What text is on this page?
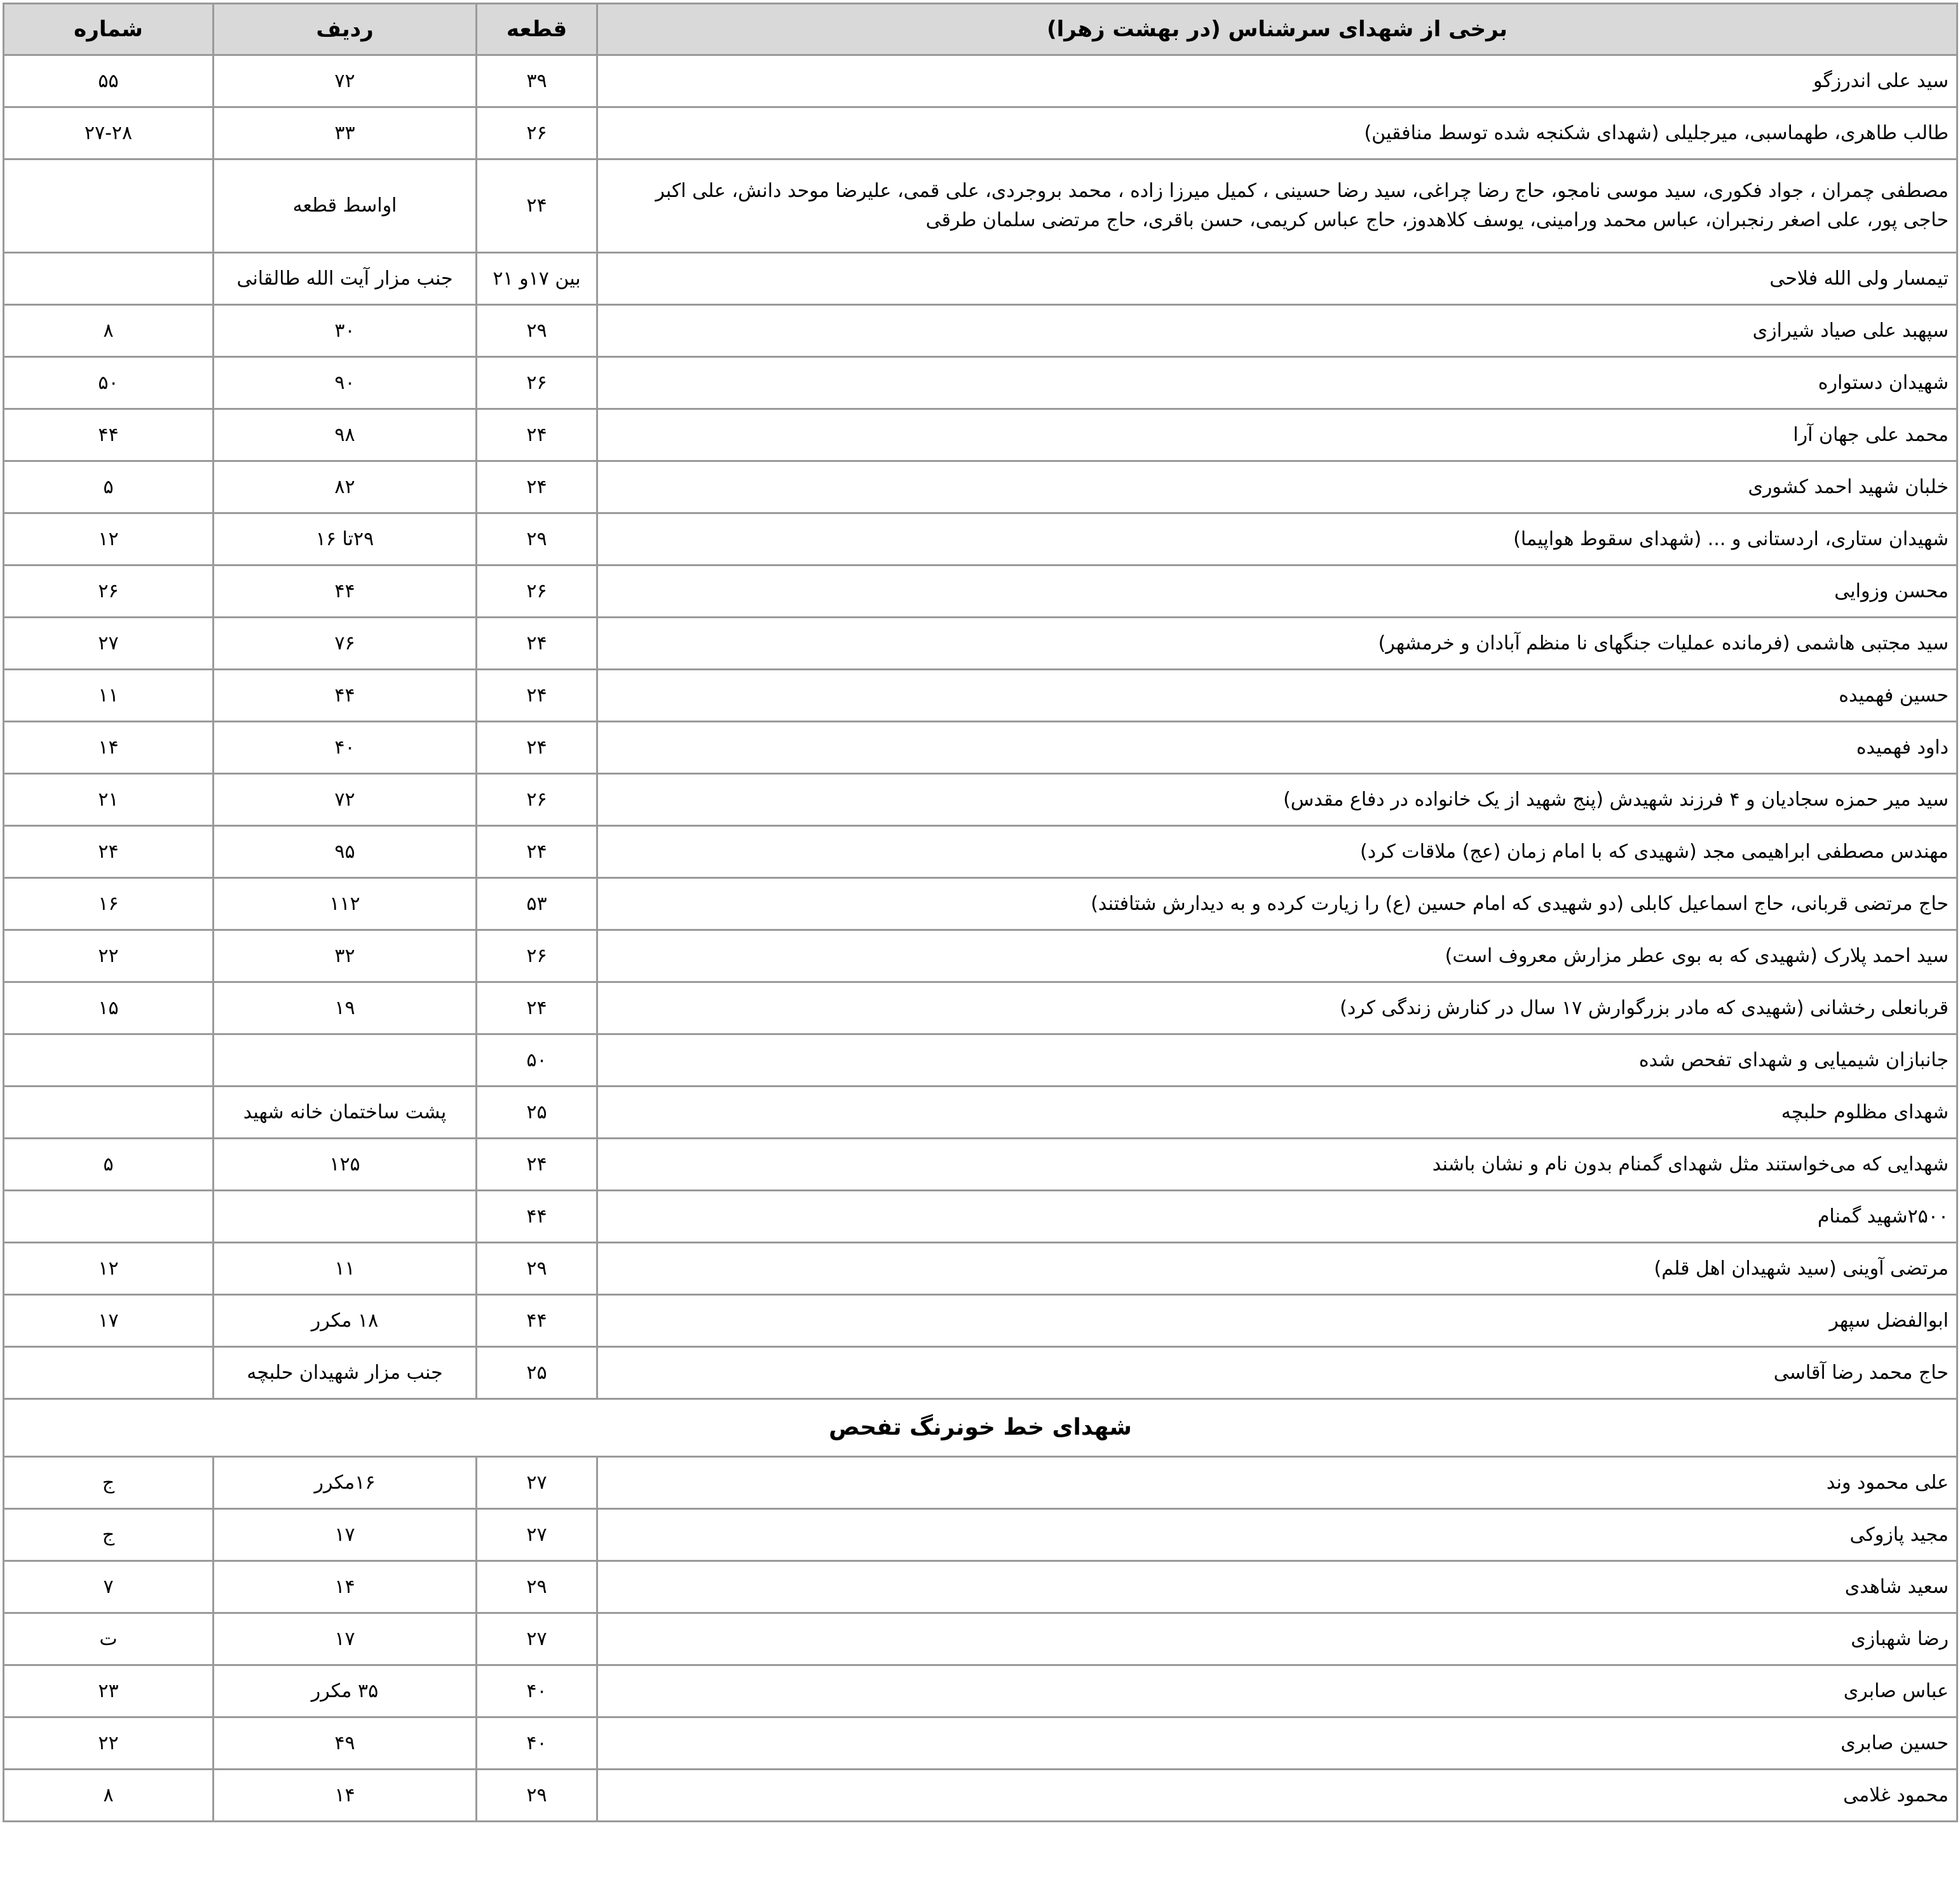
برخی از شهدای سرشناس (در بهشت زهرا)	قطعه	ردیف	شماره
سید علی اندرزگو	۳۹	۷۲	۵۵
طالب طاهری، طهماسبی، میرجلیلی (شهدای شکنجه شده توسط منافقین)	۲۶	۳۳	۲۷-۲۸
مصطفی چمران ، جواد فکوری، سید موسی نامجو، حاج رضا چراغی، سید رضا حسینی ، کمیل میرزا زاده ، محمد بروجردی، علی قمی، علیرضا موحد دانش، علی اکبر حاجی پور، علی اصغر رنجبران، عباس محمد ورامینی، یوسف کلاهدوز، حاج عباس کریمی، حسن باقری، حاج مرتضی سلمان طرقی	۲۴	اواسط قطعه	
تیمسار ولی الله فلاحی	بین ۱۷و ۲۱	جنب مزار آیت الله طالقانی	
سپهبد علی صیاد شیرازی	۲۹	۳۰	۸
شهیدان دستواره	۲۶	۹۰	۵۰
محمد علی جهان آرا	۲۴	۹۸	۴۴
خلبان شهید احمد کشوری	۲۴	۸۲	۵
شهیدان ستاری، اردستانی و ... (شهدای سقوط هواپیما)	۲۹	۲۹تا ۱۶	۱۲
محسن وزوایی	۲۶	۴۴	۲۶
سید مجتبی هاشمی (فرمانده عملیات جنگهای نا منظم آبادان و خرمشهر)	۲۴	۷۶	۲۷
حسین فهمیده	۲۴	۴۴	۱۱
داود فهمیده	۲۴	۴۰	۱۴
سید میر حمزه سجادیان و ۴ فرزند شهیدش (پنج شهید از یک خانواده در دفاع مقدس)	۲۶	۷۲	۲۱
مهندس مصطفی ابراهیمی مجد (شهیدی که با امام زمان (عج) ملاقات کرد)	۲۴	۹۵	۲۴
حاج مرتضی قربانی، حاج اسماعیل کابلی (دو شهیدی که امام حسین (ع) را زیارت کرده و به دیدارش شتافتند)	۵۳	۱۱۲	۱۶
سید احمد پلارک (شهیدی که به بوی عطر مزارش معروف است)	۲۶	۳۲	۲۲
قربانعلی رخشانی (شهیدی که مادر بزرگوارش ۱۷ سال در کنارش زندگی کرد)	۲۴	۱۹	۱۵
جانبازان شیمیایی و شهدای تفحص شده	۵۰		
شهدای مظلوم حلبچه	۲۵	پشت ساختمان خانه شهید	
شهدایی که می‌خواستند مثل شهدای گمنام بدون نام و نشان باشند	۲۴	۱۲۵	۵
۲۵۰۰شهید گمنام	۴۴		
مرتضی آوینی (سید شهیدان اهل قلم)	۲۹	۱۱	۱۲
ابوالفضل سپهر	۴۴	۱۸ مکرر	۱۷
حاج محمد رضا آقاسی	۲۵	جنب مزار شهیدان حلبچه	
شهدای خط خونرنگ تفحص			
علی محمود وند	۲۷	۱۶مکرر	ج
مجید پازوکی	۲۷	۱۷	ج
سعید شاهدی	۲۹	۱۴	۷
رضا شهبازی	۲۷	۱۷	ت
عباس صابری	۴۰	۳۵ مکرر	۲۳
حسین صابری	۴۰	۴۹	۲۲
محمود غلامی	۲۹	۱۴	۸
